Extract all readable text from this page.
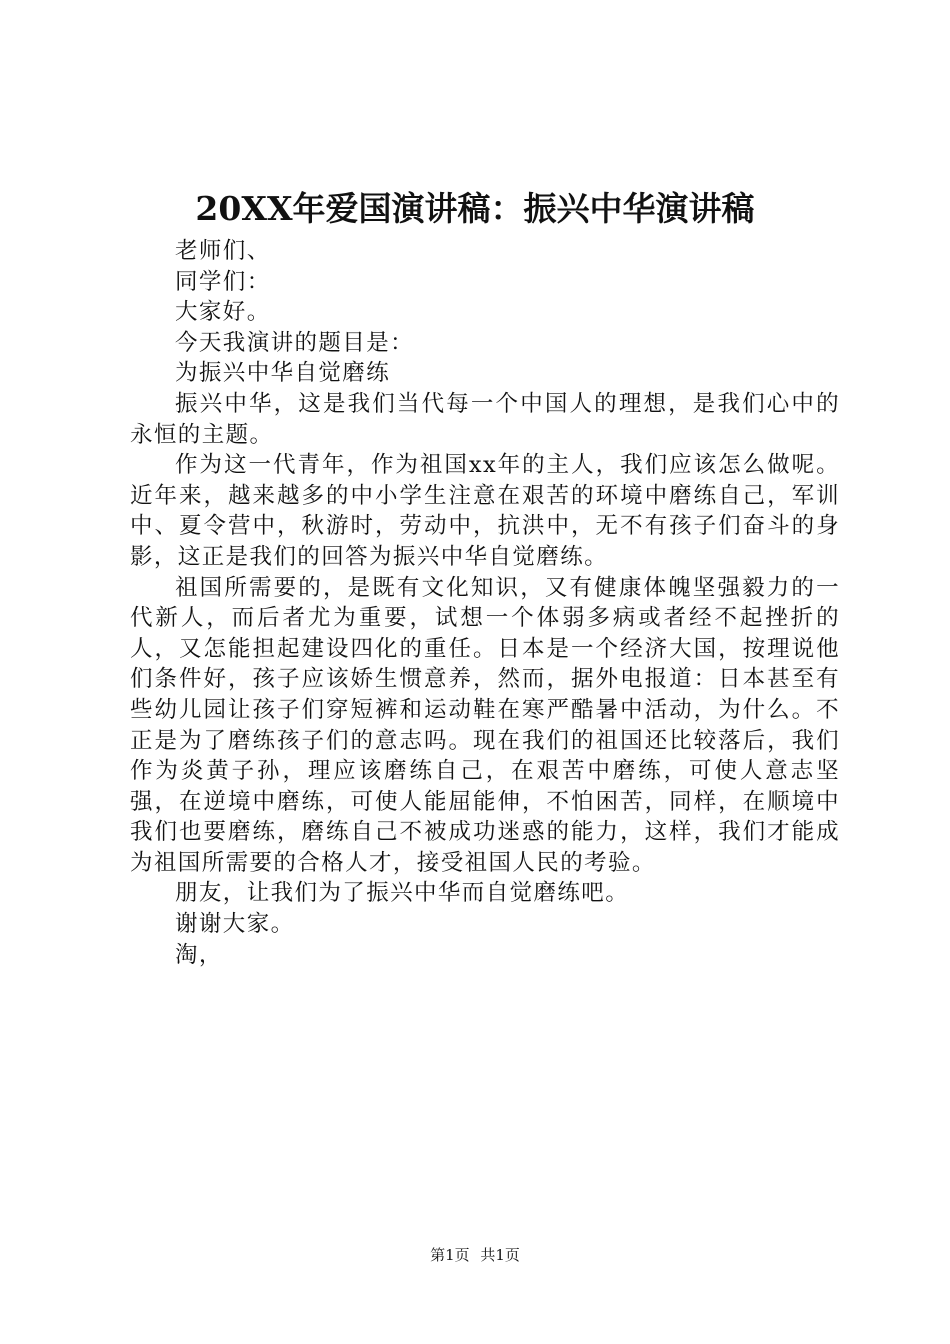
20XX年爱国演讲稿：振兴中华演讲稿

老师们、

同学们：

大家好。

今天我演讲的题目是：

为振兴中华自觉磨练

振兴中华，这是我们当代每一个中国人的理想，是我们心中的永恒的主题。

作为这一代青年，作为祖国xx年的主人，我们应该怎么做呢。近年来，越来越多的中小学生注意在艰苦的环境中磨练自己，军训中、夏令营中，秋游时，劳动中，抗洪中，无不有孩子们奋斗的身影，这正是我们的回答为振兴中华自觉磨练。

祖国所需要的，是既有文化知识，又有健康体魄坚强毅力的一代新人，而后者尤为重要，试想一个体弱多病或者经不起挫折的人，又怎能担起建设四化的重任。日本是一个经济大国，按理说他们条件好，孩子应该娇生惯意养，然而，据外电报道：日本甚至有些幼儿园让孩子们穿短裤和运动鞋在寒严酷暑中活动，为什么。不正是为了磨练孩子们的意志吗。现在我们的祖国还比较落后，我们作为炎黄子孙，理应该磨练自己，在艰苦中磨练，可使人意志坚强，在逆境中磨练，可使人能屈能伸，不怕困苦，同样，在顺境中我们也要磨练，磨练自己不被成功迷惑的能力，这样，我们才能成为祖国所需要的合格人才，接受祖国人民的考验。

朋友，让我们为了振兴中华而自觉磨练吧。

谢谢大家。

淘，

第1页 共1页
